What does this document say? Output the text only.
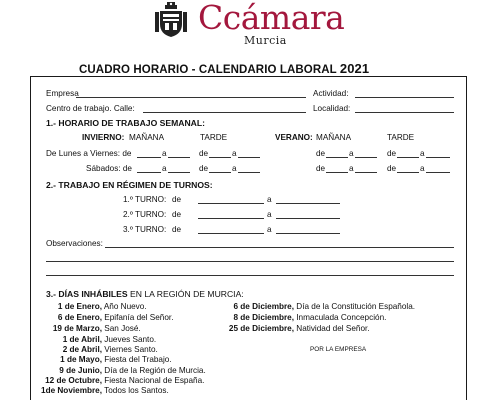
Ccámara
Murcia
CUADRO HORARIO - CALENDARIO LABORAL 2021
Empresa	Actividad:
Centro de trabajo. Calle:	Localidad:
1.- HORARIO DE TRABAJO SEMANAL:
INVIERNO: MAÑANA	TARDE	VERANO: MAÑANA	TARDE
De Lunes a Viernes: de	a	de	a	de	a	de	a
Sábados: de	a	de	a	de	a	de	a
2.- TRABAJO EN RÉGIMEN DE TURNOS:
1.º TURNO: de	a
2.º TURNO: de	a
3.º TURNO: de	a
Observaciones:
3.- DÍAS INHÁBILES EN LA REGIÓN DE MURCIA:
1 de Enero, Año Nuevo.
6 de Enero, Epifanía del Señor.
19 de Marzo, San José.
1 de Abril, Jueves Santo.
2 de Abril, Viernes Santo.
1 de Mayo, Fiesta del Trabajo.
9 de Junio, Día de la Región de Murcia.
12 de Octubre, Fiesta Nacional de España.
1de Noviembre, Todos los Santos.
6 de Diciembre, Día de la Constitución Española.
8 de Diciembre, Inmaculada Concepción.
25 de Diciembre, Natividad del Señor.
POR LA EMPRESA
